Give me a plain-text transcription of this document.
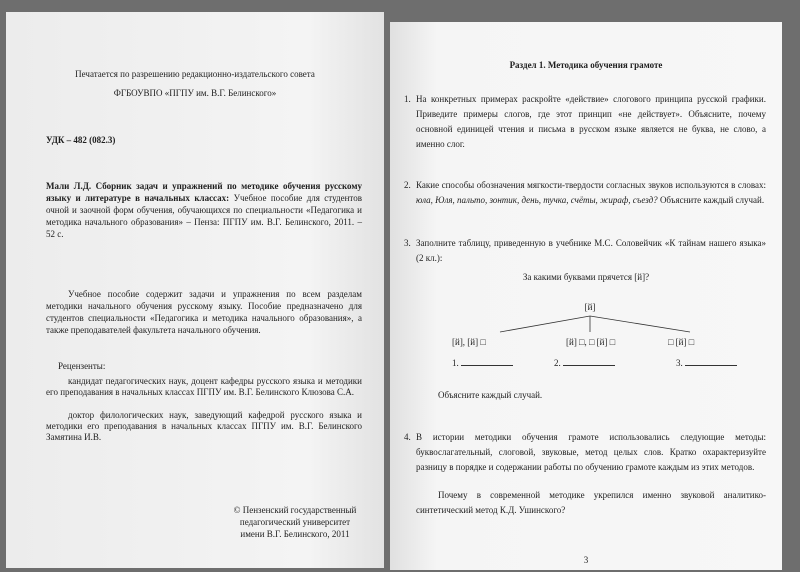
Печатается по разрешению редакционно-издательского совета
ФГБОУВПО «ПГПУ им. В.Г. Белинского»
УДК – 482 (082.3)
Мали Л.Д. Сборник задач и упражнений по методике обучения русскому языку и литературе в начальных классах: Учебное пособие для студентов очной и заочной форм обучения, обучающихся по специальности «Педагогика и методика начального образования» – Пенза: ПГПУ им. В.Г. Белинского, 2011. – 52 с.
Учебное пособие содержит задачи и упражнения по всем разделам методики начального обучения русскому языку. Пособие предназначено для студентов специальности «Педагогика и методика начального образования», а также преподавателей факультета начального обучения.
Рецензенты:
кандидат педагогических наук, доцент кафедры русского языка и методики его преподавания в начальных классах ПГПУ им. В.Г. Белинского Клюзова С.А.
доктор филологических наук, заведующий кафедрой русского языка и методики его преподавания в начальных классах ПГПУ им. В.Г. Белинского Замятина И.В.
© Пензенский государственный
педагогический университет
имени В.Г. Белинского, 2011
Раздел 1. Методика обучения грамоте
1. На конкретных примерах раскройте «действие» слогового принципа русской графики. Приведите примеры слогов, где этот принцип «не действует». Объясните, почему основной единицей чтения и письма в русском языке является не буква, не слово, а именно слог.
2. Какие способы обозначения мягкости-твердости согласных звуков используются в словах: юла, Юля, пальто, зонтик, день, тучка, счёты, жираф, съезд? Объясните каждый случай.
3. Заполните таблицу, приведенную в учебнике М.С. Соловейчик «К тайнам нашего языка» (2 кл.):
За какими буквами прячется [й]?
[й]
[й], [й] □	[й] □, □ [й] □	□ [й] □
1.	2.	3.
Объясните каждый случай.
4. В истории методики обучения грамоте использовались следующие методы: буквослагательный, слоговой, звуковые, метод целых слов. Кратко охарактеризуйте разницу в порядке и содержании работы по обучению грамоте каждым из этих методов.
Почему в современной методике укрепился именно звуковой аналитико-синтетический метод К.Д. Ушинского?
3
